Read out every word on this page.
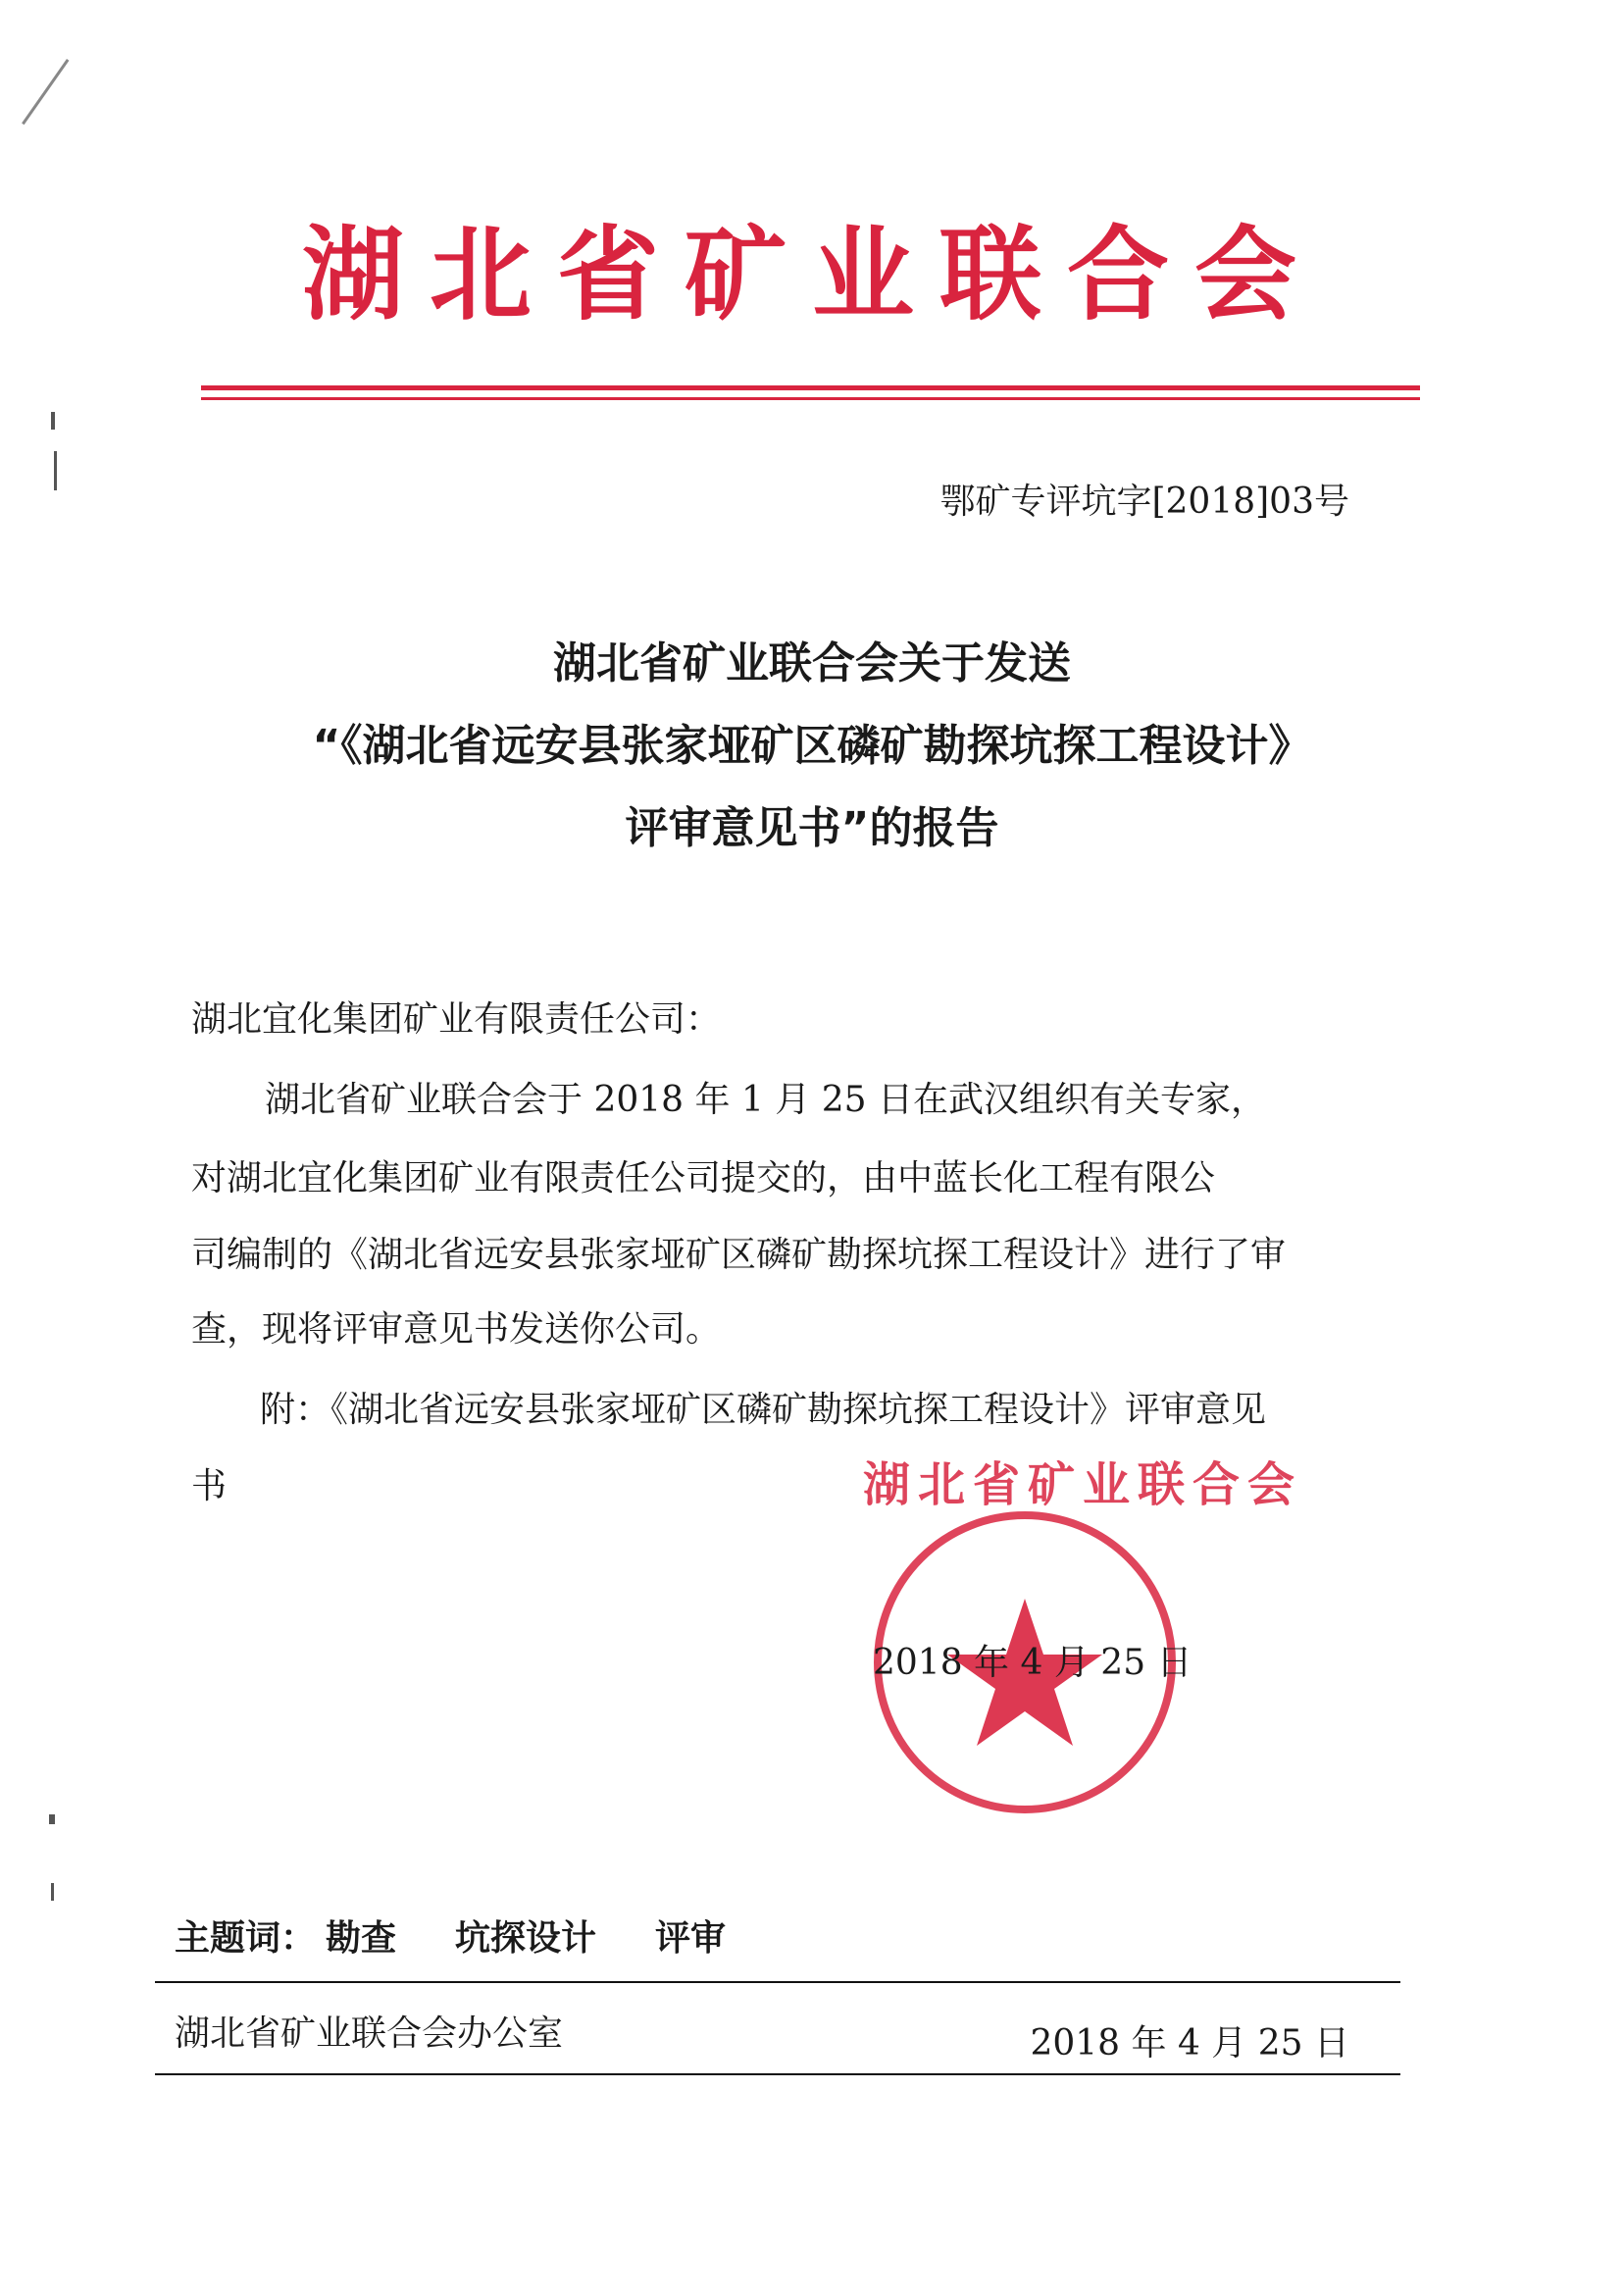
湖北省矿业联合会
鄂矿专评坑字[2018]03号
湖北省矿业联合会关于发送
“《湖北省远安县张家垭矿区磷矿勘探坑探工程设计》
评审意见书”的报告
湖北宜化集团矿业有限责任公司：
湖北省矿业联合会于 2018 年 1 月 25 日在武汉组织有关专家，
对湖北宜化集团矿业有限责任公司提交的，由中蓝长化工程有限公
司编制的《湖北省远安县张家垭矿区磷矿勘探坑探工程设计》进行了审
查，现将评审意见书发送你公司。
附：《湖北省远安县张家垭矿区磷矿勘探坑探工程设计》评审意见
书	湖北省矿业联合会
2018 年 4 月 25 日
主题词： 勘查 坑探设计 评审
湖北省矿业联合会办公室	2018 年 4 月 25 日
